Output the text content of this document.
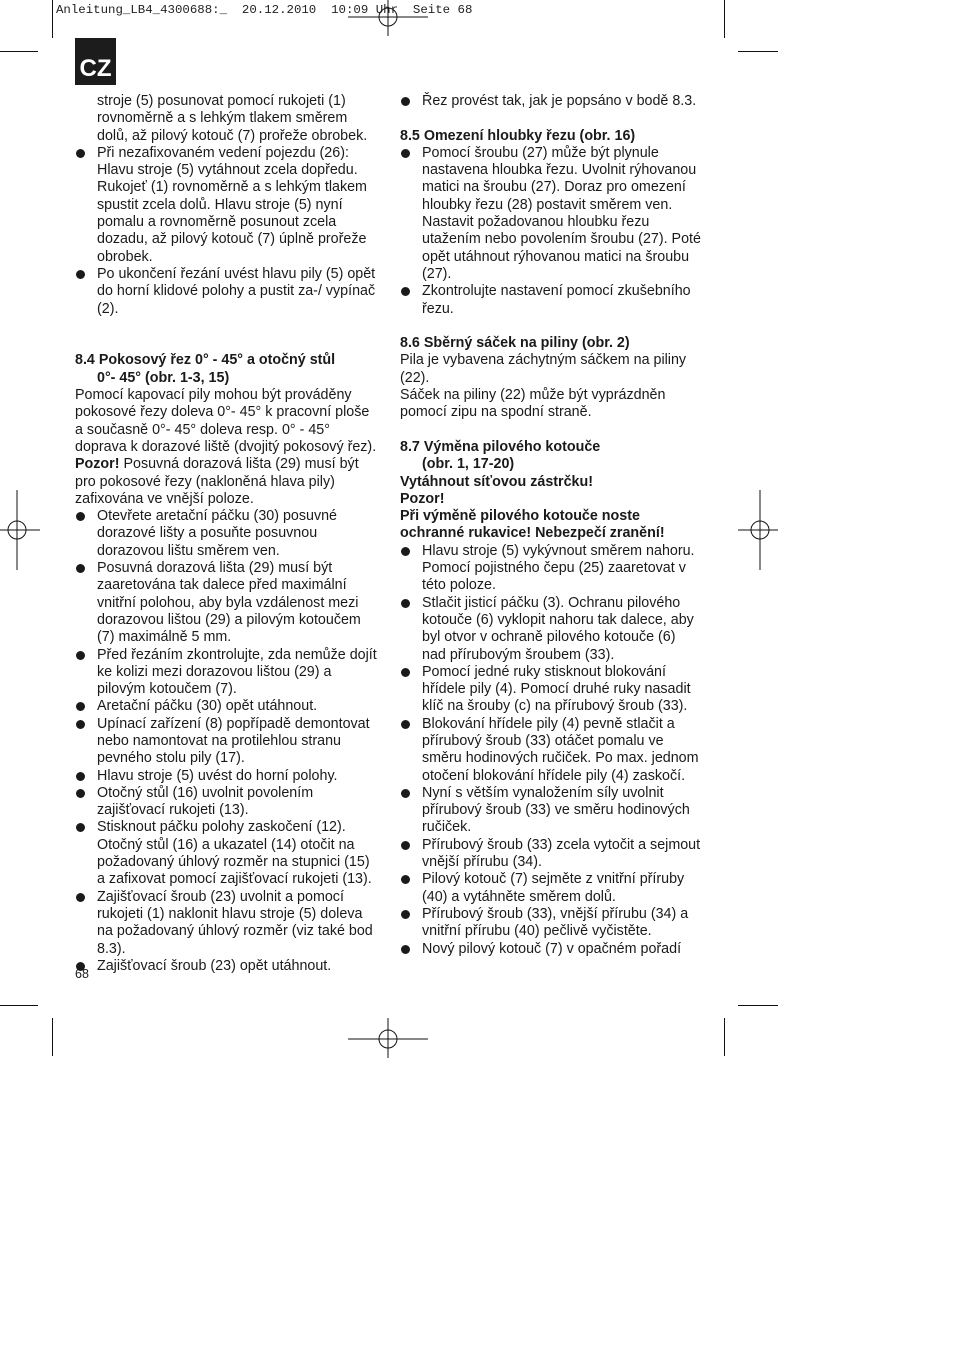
Anleitung_LB4_4300688:_  20.12.2010  10:09 Uhr  Seite 68
CZ
stroje (5) posunovat pomocí rukojeti (1)
rovnoměrně a s lehkým tlakem směrem
dolů, až pilový kotouč (7) prořeže obrobek.
Při nezafixovaném vedení pojezdu (26):
Hlavu stroje (5) vytáhnout zcela dopředu.
Rukojeť (1) rovnoměrně a s lehkým tlakem
spustit zcela dolů. Hlavu stroje (5) nyní
pomalu a rovnoměrně posunout zcela
dozadu, až pilový kotouč (7) úplně prořeže
obrobek.
Po ukončení řezání uvést hlavu pily (5) opět
do horní klidové polohy a pustit za-/ vypínač
(2).

8.4 Pokosový řez 0° - 45° a otočný stůl

0°- 45° (obr. 1-3, 15)

Pomocí kapovací pily mohou být prováděny
pokosové řezy doleva 0°- 45° k pracovní ploše
a současně 0°- 45° doleva resp. 0° - 45°
doprava k dorazové liště (dvojitý pokosový řez).

Pozor! Posuvná dorazová lišta (29) musí být

pro pokosové řezy (nakloněná hlava pily)
zafixována ve vnější poloze.
Otevřete aretační páčku (30) posuvné
dorazové lišty a posuňte posuvnou
dorazovou lištu směrem ven.
Posuvná dorazová lišta (29) musí být
zaaretována tak dalece před maximální
vnitřní polohou, aby byla vzdálenost mezi
dorazovou lištou (29) a pilovým kotoučem
(7) maximálně 5 mm.
Před řezáním zkontrolujte, zda nemůže dojít
ke kolizi mezi dorazovou lištou (29) a
pilovým kotoučem (7).
Aretační páčku (30) opět utáhnout.
Upínací zařízení (8) popřípadě demontovat
nebo namontovat na protilehlou stranu
pevného stolu pily (17).
Hlavu stroje (5) uvést do horní polohy.
Otočný stůl (16) uvolnit povolením
zajišťovací rukojeti (13).
Stisknout páčku polohy zaskočení (12).
Otočný stůl (16) a ukazatel (14) otočit na
požadovaný úhlový rozměr na stupnici (15)
a zafixovat pomocí zajišťovací rukojeti (13).
Zajišťovací šroub (23) uvolnit a pomocí
rukojeti (1) naklonit hlavu stroje (5) doleva
na požadovaný úhlový rozměr (viz také bod
8.3).
Zajišťovací šroub (23) opět utáhnout.
68
Řez provést tak, jak je popsáno v bodě 8.3.

8.5 Omezení hloubky řezu (obr. 16)

Pomocí šroubu (27) může být plynule
nastavena hloubka řezu. Uvolnit rýhovanou
matici na šroubu (27). Doraz pro omezení
hloubky řezu (28) postavit směrem ven.
Nastavit požadovanou hloubku řezu
utažením nebo povolením šroubu (27). Poté
opět utáhnout rýhovanou matici na šroubu
(27).
Zkontrolujte nastavení pomocí zkušebního
řezu.

8.6 Sběrný sáček na piliny (obr. 2)

Pila je vybavena záchytným sáčkem na piliny
(22).
Sáček na piliny (22) může být vyprázdněn
pomocí zipu na spodní straně.

8.7 Výměna pilového kotouče

(obr. 1, 17-20)

Vytáhnout síťovou zástrčku!

Pozor!

Při výměně pilového kotouče noste
ochranné rukavice! Nebezpečí zranění!
Hlavu stroje (5) vykývnout směrem nahoru.
Pomocí pojistného čepu (25) zaaretovat v
této poloze.
Stlačit jisticí páčku (3). Ochranu pilového
kotouče (6) vyklopit nahoru tak dalece, aby
byl otvor v ochraně pilového kotouče (6)
nad přírubovým šroubem (33).
Pomocí jedné ruky stisknout blokování
hřídele pily (4). Pomocí druhé ruky nasadit
klíč na šrouby (c) na přírubový šroub (33).
Blokování hřídele pily (4) pevně stlačit a
přírubový šroub (33) otáčet pomalu ve
směru hodinových ručiček. Po max. jednom
otočení blokování hřídele pily (4) zaskočí.
Nyní s větším vynaložením síly uvolnit
přírubový šroub (33) ve směru hodinových
ručiček.
Přírubový šroub (33) zcela vytočit a sejmout
vnější přírubu (34).
Pilový kotouč (7) sejměte z vnitřní příruby
(40) a vytáhněte směrem dolů.
Přírubový šroub (33), vnější přírubu (34) a
vnitřní přírubu (40) pečlivě vyčistěte.
Nový pilový kotouč (7) v opačném pořadí
